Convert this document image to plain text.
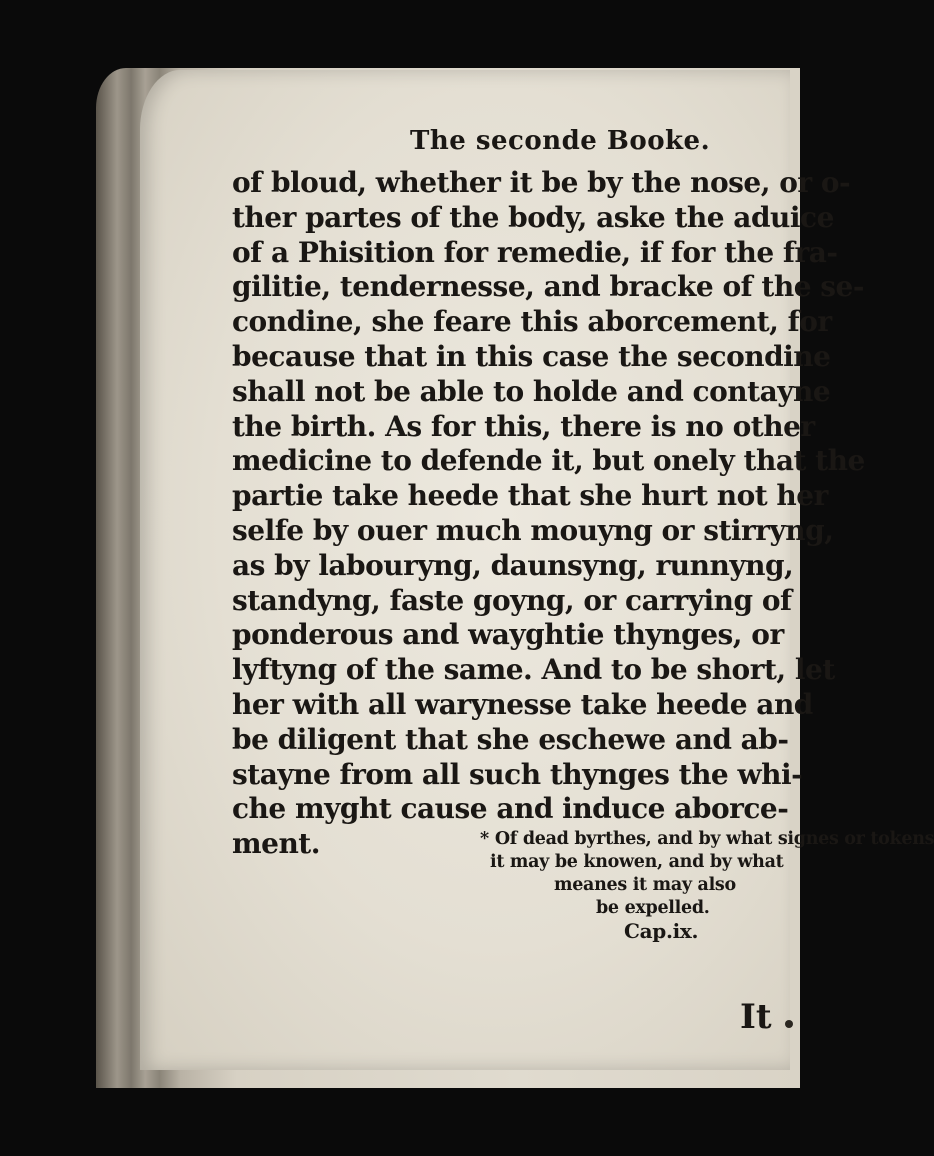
The seconde Booke.
of bloud, whether it be by the nose, or o-
ther partes of the body, aske the aduice
of a Phisition for remedie, if for the fra-
gilitie, tendernesse, and bracke of the se-
condine, she feare this aborcement, for
because that in this case the secondine
shall not be able to holde and contayne
the birth. As for this, there is no other
medicine to defende it, but onely that the
partie take heede that she hurt not her
selfe by ouer much mouyng or stirryng,
as by labouryng, daunsyng, runnyng,
standyng, faste goyng, or carrying of
ponderous and wayghtie thynges, or
lyftyng of the same. And to be short, let
her with all warynesse take heede and
be diligent that she eschewe and ab-
stayne from all such thynges the whi-
che myght cause and induce aborce-
ment.	* Of dead byrthes, and by what signes or tokens
it may be knowen, and by what
meanes it may also
be expelled.
Cap.ix.
It
